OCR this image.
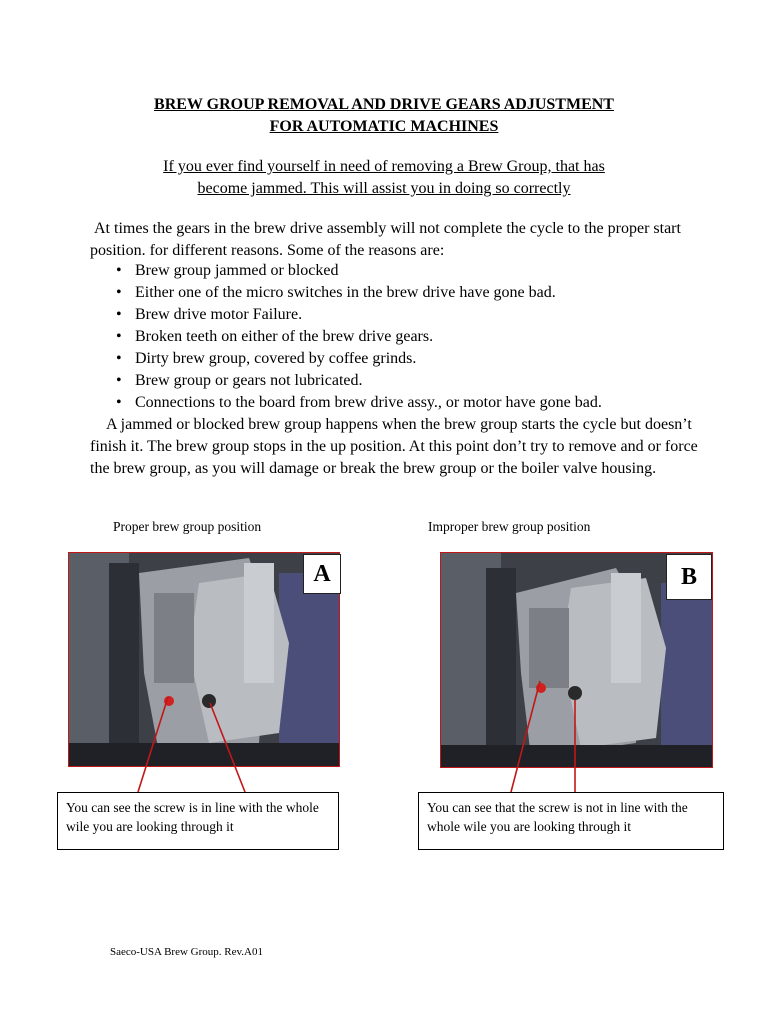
BREW GROUP REMOVAL AND DRIVE GEARS ADJUSTMENT
FOR AUTOMATIC MACHINES
If you ever find yourself in need of removing a Brew Group, that has
become jammed. This will assist you in doing so correctly
At times the gears in the brew drive assembly will not complete the cycle to the proper start position. for different reasons. Some of the reasons are:
• Brew group jammed or blocked
• Either one of the micro switches in the brew drive have gone bad.
• Brew drive motor Failure.
• Broken teeth on either of the brew drive gears.
• Dirty brew group, covered by coffee grinds.
• Brew group or gears not lubricated.
• Connections to the board from brew drive assy., or motor have gone bad.
A jammed or blocked brew group happens when the brew group starts the cycle but doesn’t finish it. The brew group stops in the up position. At this point don’t try to remove and or force the brew group, as you will damage or break the brew group or the boiler valve housing.
Proper brew group position
A
Improper brew group position
B
You can see the screw is in line with the whole wile you are looking through it
You can see that the screw is not in line with the whole wile you are looking through it
Saeco-USA Brew Group. Rev.A01
